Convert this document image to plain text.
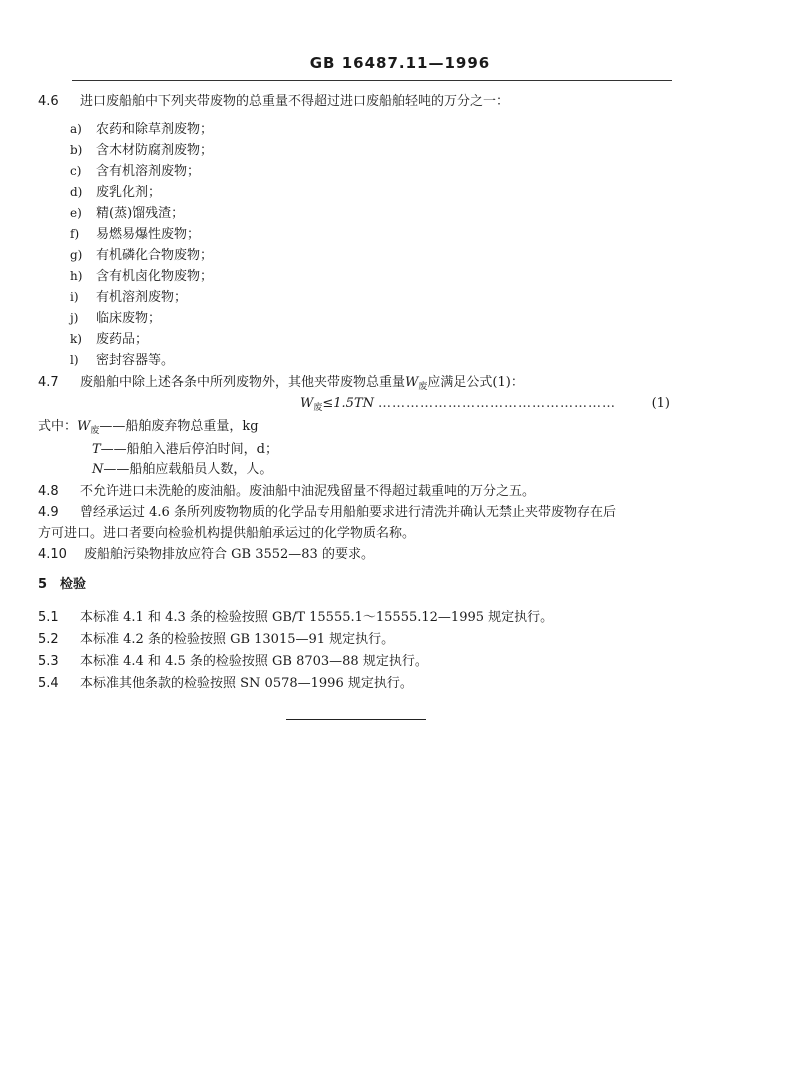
GB 16487.11—1996
4.6 进口废船舶中下列夹带废物的总重量不得超过进口废船舶轻吨的万分之一：
a) 农药和除草剂废物；
b) 含木材防腐剂废物；
c) 含有机溶剂废物；
d) 废乳化剂；
e) 精(蒸)馏残渣；
f) 易燃易爆性废物；
g) 有机磷化合物废物；
h) 含有机卤化物废物；
i) 有机溶剂废物；
j) 临床废物；
k) 废药品；
l) 密封容器等。
4.7 废船舶中除上述各条中所列废物外，其他夹带废物总重量$W_废$应满足公式(1)：
$W_废\le 1.5TN$ ……………………………………………	(1)
式中：$W_废——$船舶废弃物总重量，kg
T——船舶入港后停泊时间，d；
N——船舶应载船员人数，人。
4.8 不允许进口未洗舱的废油船。废油船中油泥残留量不得超过载重吨的万分之五。
4.9 曾经承运过 4.6 条所列废物物质的化学品专用船舶要求进行清洗并确认无禁止夹带废物存在后
方可进口。进口者要向检验机构提供船舶承运过的化学物质名称。
4.10 废船舶污染物排放应符合 GB 3552—83 的要求。
5 检验
5.1 本标准 4.1 和 4.3 条的检验按照 GB/T 15555.1～15555.12—1995 规定执行。
5.2 本标准 4.2 条的检验按照 GB 13015—91 规定执行。
5.3 本标准 4.4 和 4.5 条的检验按照 GB 8703—88 规定执行。
5.4 本标准其他条款的检验按照 SN 0578—1996 规定执行。
